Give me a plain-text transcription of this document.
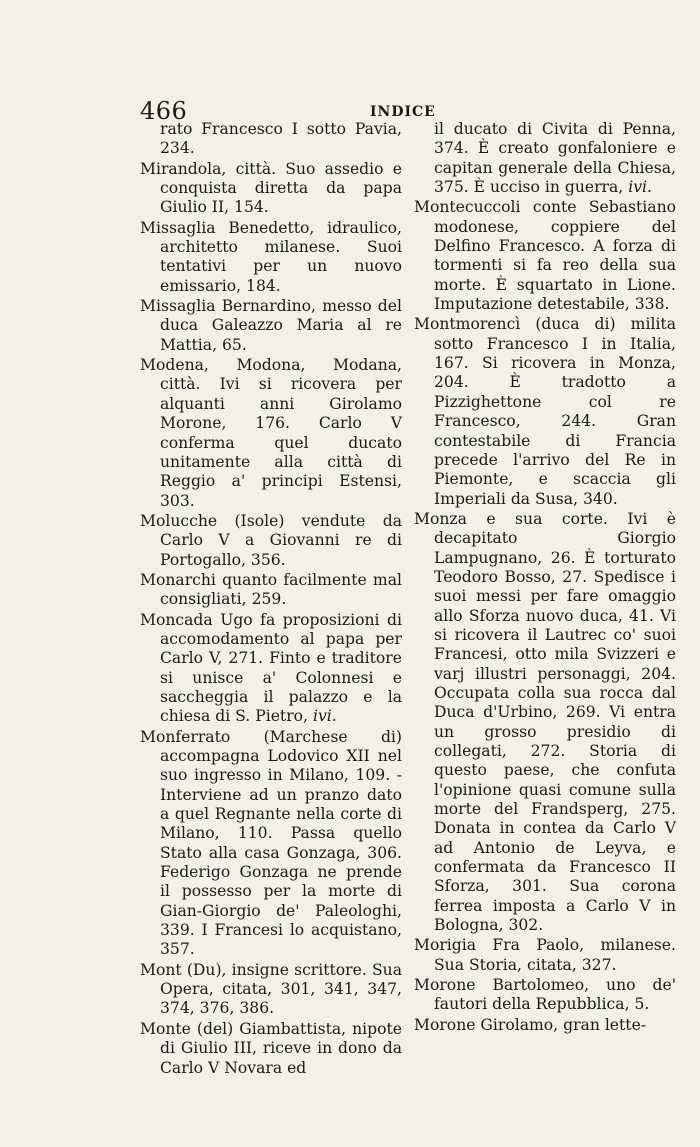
466	INDICE

rato Francesco I sotto Pavia, 234.

Mirandola, città. Suo assedio e conquista diretta da papa Giulio II, 154.

Missaglia Benedetto, idraulico, architetto milanese. Suoi tentativi per un nuovo emissario, 184.

Missaglia Bernardino, messo del duca Galeazzo Maria al re Mattia, 65.

Modena, Modona, Modana, città. Ivi si ricovera per alquanti anni Girolamo Morone, 176. Carlo V conferma quel ducato unitamente alla città di Reggio a' principi Estensi, 303.

Molucche (Isole) vendute da Carlo V a Giovanni re di Portogallo, 356.

Monarchi quanto facilmente mal consigliati, 259.

Moncada Ugo fa proposizioni di accomodamento al papa per Carlo V, 271. Finto e traditore si unisce a' Colonnesi e saccheggia il palazzo e la chiesa di S. Pietro, ivi.

Monferrato (Marchese di) accompagna Lodovico XII nel suo ingresso in Milano, 109. - Interviene ad un pranzo dato a quel Regnante nella corte di Milano, 110. Passa quello Stato alla casa Gonzaga, 306. Federigo Gonzaga ne prende il possesso per la morte di Gian-Giorgio de' Paleologhi, 339. I Francesi lo acquistano, 357.

Mont (Du), insigne scrittore. Sua Opera, citata, 301, 341, 347, 374, 376, 386.

Monte (del) Giambattista, nipote di Giulio III, riceve in dono da Carlo V Novara ed

il ducato di Civita di Penna, 374. È creato gonfaloniere e capitan generale della Chiesa, 375. È ucciso in guerra, ivi.

Montecuccoli conte Sebastiano modonese, coppiere del Delfino Francesco. A forza di tormenti si fa reo della sua morte. È squartato in Lione. Imputazione detestabile, 338.

Montmorencì (duca di) milita sotto Francesco I in Italia, 167. Si ricovera in Monza, 204. È tradotto a Pizzighettone col re Francesco, 244. Gran contestabile di Francia precede l'arrivo del Re in Piemonte, e scaccia gli Imperiali da Susa, 340.

Monza e sua corte. Ivi è decapitato Giorgio Lampugnano, 26. È torturato Teodoro Bosso, 27. Spedisce i suoi messi per fare omaggio allo Sforza nuovo duca, 41. Vi si ricovera il Lautrec co' suoi Francesi, otto mila Svizzeri e varj illustri personaggi, 204. Occupata colla sua rocca dal Duca d'Urbino, 269. Vi entra un grosso presidio di collegati, 272. Storia di questo paese, che confuta l'opinione quasi comune sulla morte del Frandsperg, 275. Donata in contea da Carlo V ad Antonio de Leyva, e confermata da Francesco II Sforza, 301. Sua corona ferrea imposta a Carlo V in Bologna, 302.

Morigia Fra Paolo, milanese. Sua Storia, citata, 327.

Morone Bartolomeo, uno de' fautori della Repubblica, 5.

Morone Girolamo, gran lette-
